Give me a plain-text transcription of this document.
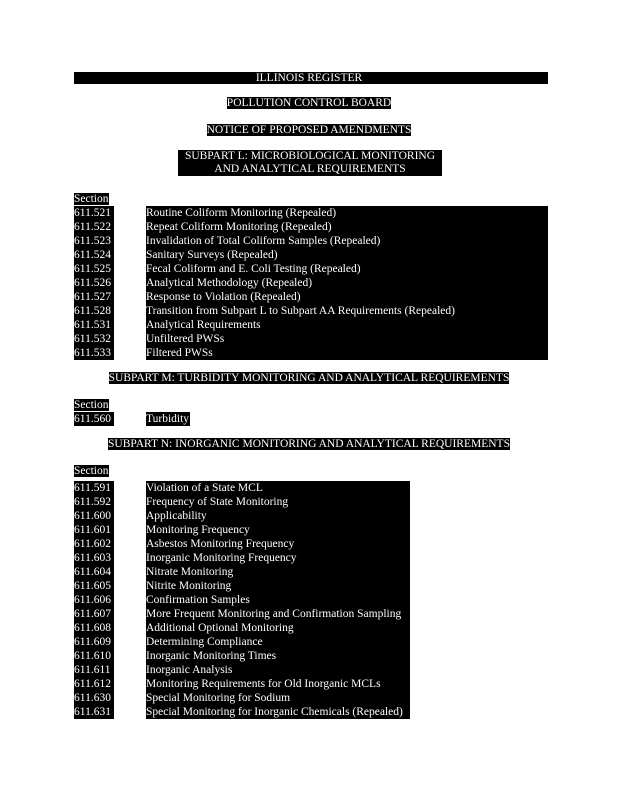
ILLINOIS REGISTER
POLLUTION CONTROL BOARD
NOTICE OF PROPOSED AMENDMENTS
SUBPART L: MICROBIOLOGICAL MONITORING
AND ANALYTICAL REQUIREMENTS
Section
611.521	Routine Coliform Monitoring (Repealed)
611.522	Repeat Coliform Monitoring (Repealed)
611.523	Invalidation of Total Coliform Samples (Repealed)
611.524	Sanitary Surveys (Repealed)
611.525	Fecal Coliform and E. Coli Testing (Repealed)
611.526	Analytical Methodology (Repealed)
611.527	Response to Violation (Repealed)
611.528	Transition from Subpart L to Subpart AA Requirements (Repealed)
611.531	Analytical Requirements
611.532	Unfiltered PWSs
611.533	Filtered PWSs
SUBPART M: TURBIDITY MONITORING AND ANALYTICAL REQUIREMENTS
Section
611.560	Turbidity
SUBPART N: INORGANIC MONITORING AND ANALYTICAL REQUIREMENTS
Section
611.591	Violation of a State MCL
611.592	Frequency of State Monitoring
611.600	Applicability
611.601	Monitoring Frequency
611.602	Asbestos Monitoring Frequency
611.603	Inorganic Monitoring Frequency
611.604	Nitrate Monitoring
611.605	Nitrite Monitoring
611.606	Confirmation Samples
611.607	More Frequent Monitoring and Confirmation Sampling
611.608	Additional Optional Monitoring
611.609	Determining Compliance
611.610	Inorganic Monitoring Times
611.611	Inorganic Analysis
611.612	Monitoring Requirements for Old Inorganic MCLs
611.630	Special Monitoring for Sodium
611.631	Special Monitoring for Inorganic Chemicals (Repealed)
